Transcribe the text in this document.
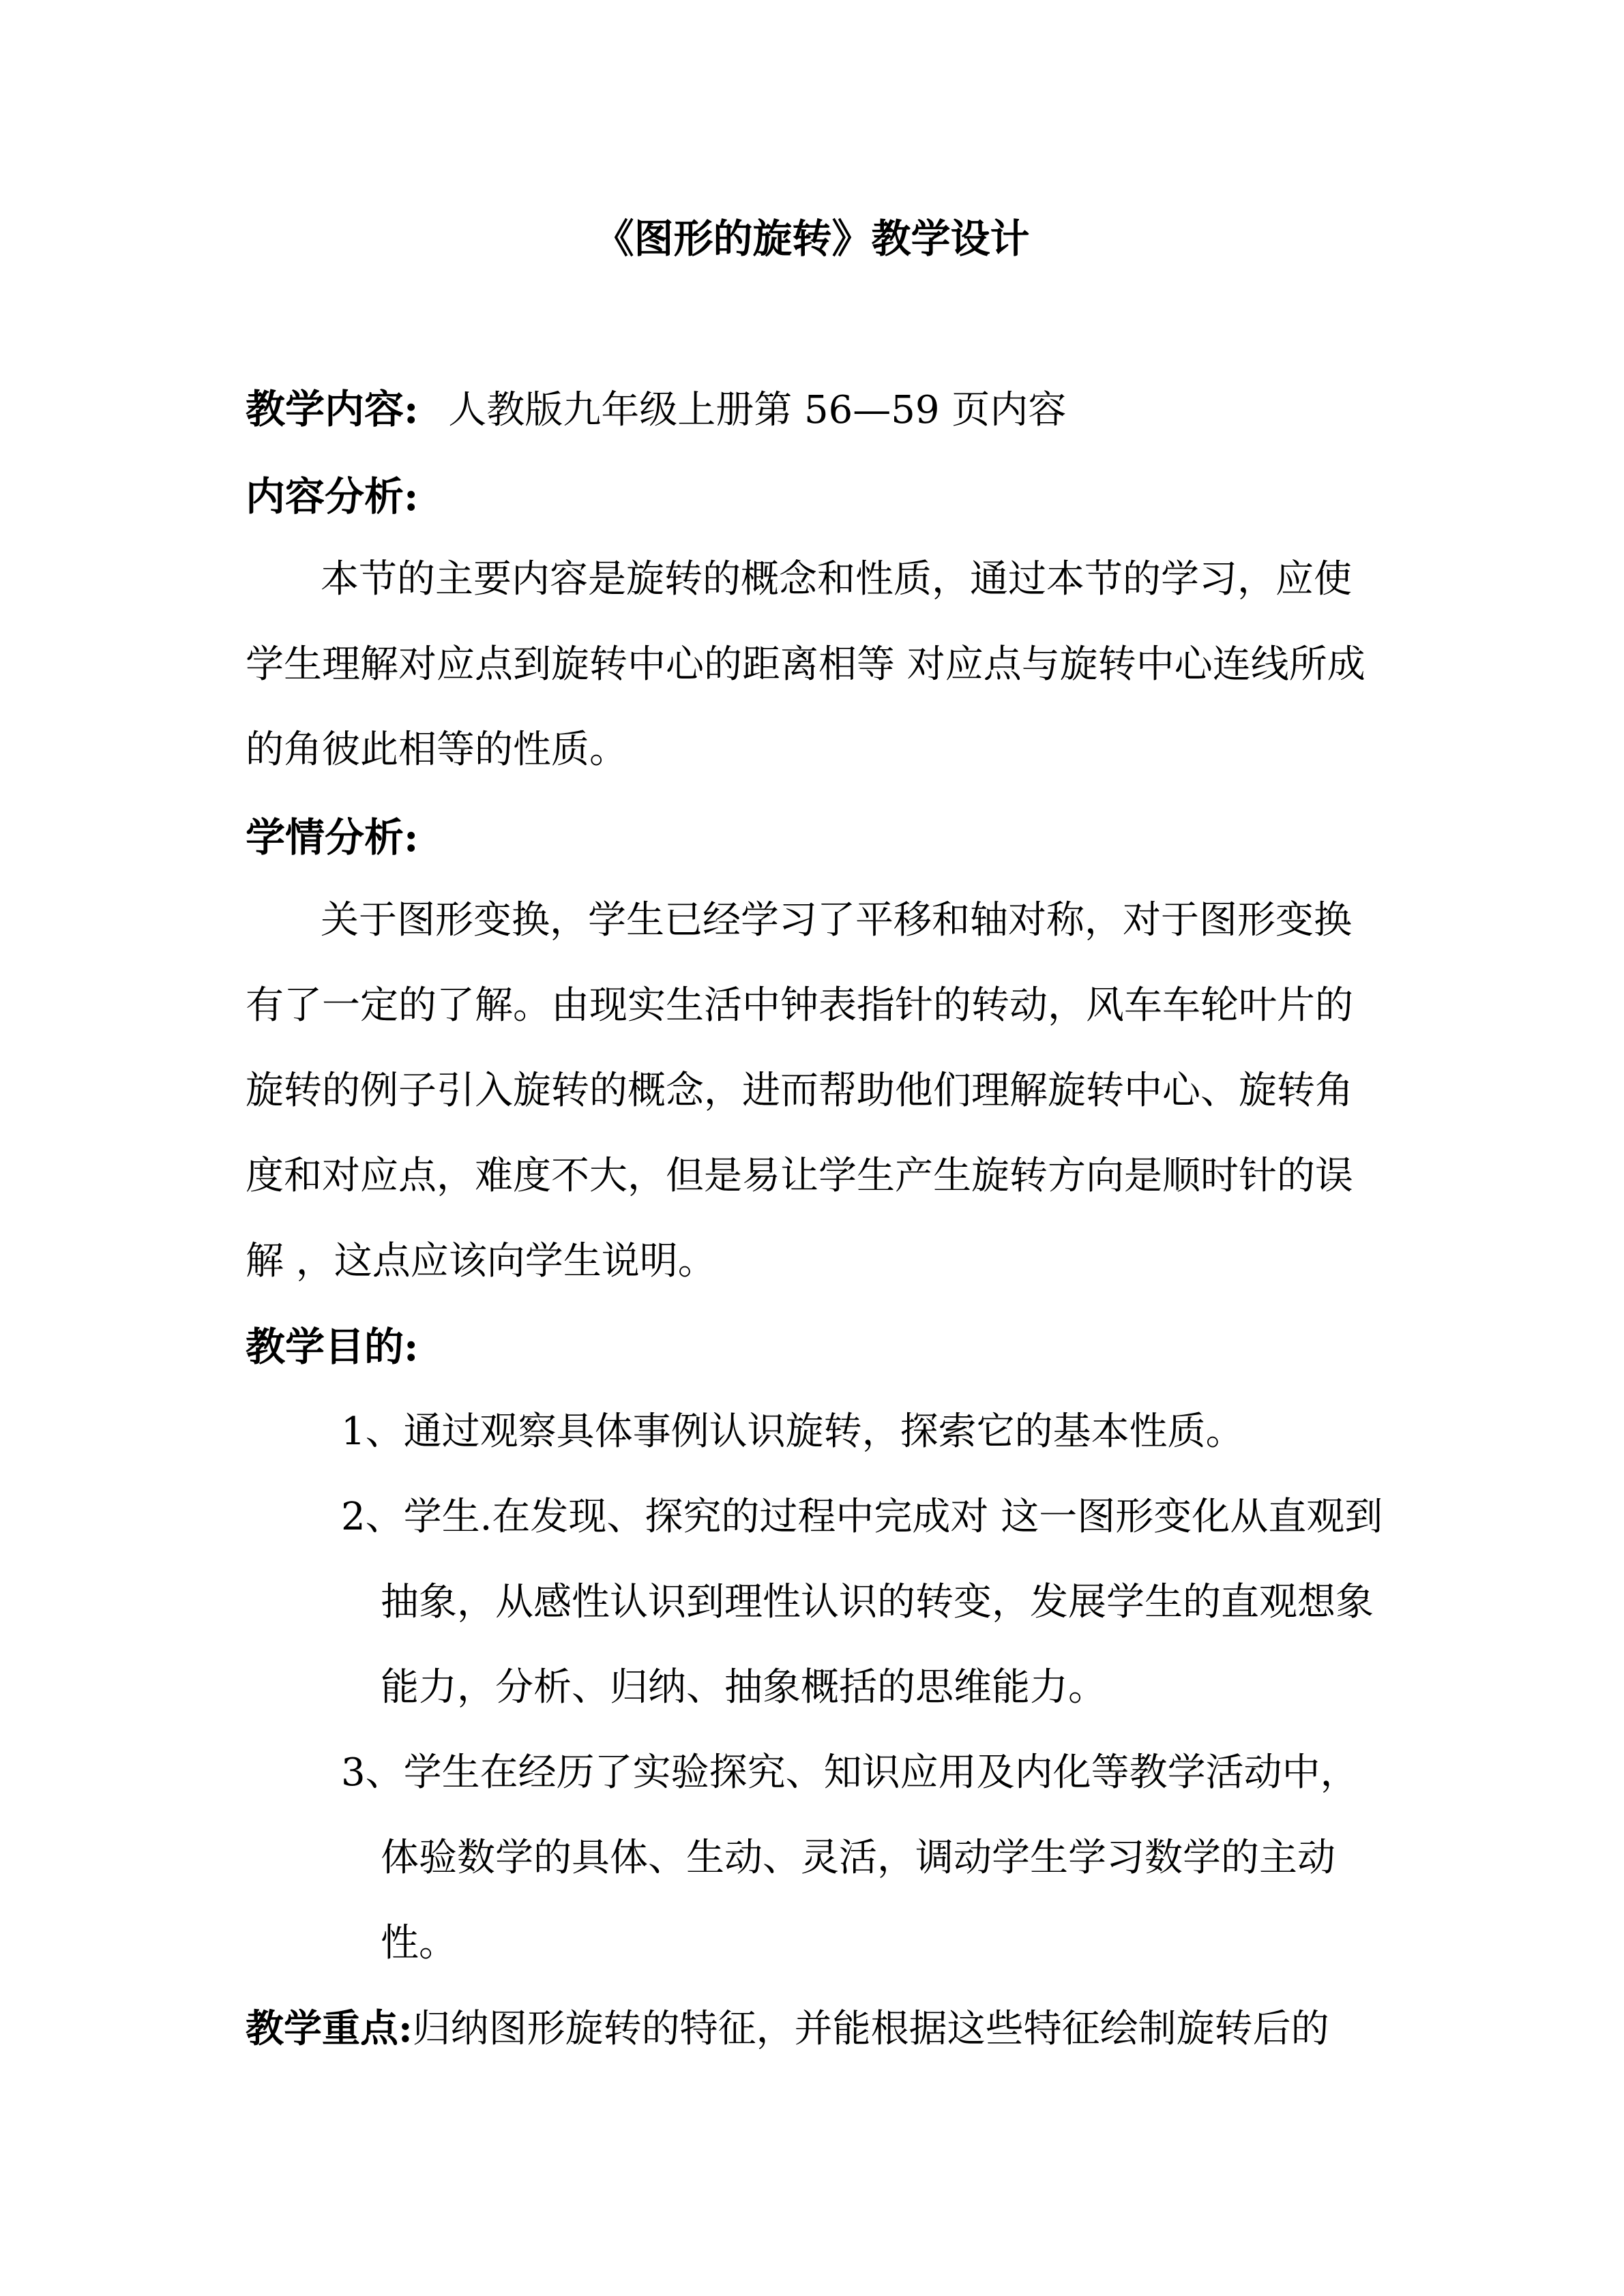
《图形的旋转》教学设计
教学内容: 人教版九年级上册第 56—59 页内容
内容分析:
本节的主要内容是旋转的概念和性质，通过本节的学习，应使
学生理解对应点到旋转中心的距离相等 对应点与旋转中心连线所成
的角彼此相等的性质。
学情分析:
关于图形变换，学生已经学习了平移和轴对称，对于图形变换
有了一定的了解。由现实生活中钟表指针的转动，风车车轮叶片的
旋转的例子引入旋转的概念，进而帮助他们理解旋转中心、旋转角
度和对应点，难度不大，但是易让学生产生旋转方向是顺时针的误
解 ，这点应该向学生说明。
教学目的:
1、通过观察具体事例认识旋转，探索它的基本性质。
2、学生.在发现、探究的过程中完成对 这一图形变化从直观到
抽象，从感性认识到理性认识的转变，发展学生的直观想象
能力，分析、归纳、抽象概括的思维能力。
3、学生在经历了实验探究、知识应用及内化等教学活动中，
体验数学的具体、生动、灵活，调动学生学习数学的主动
性。
教学重点:归纳图形旋转的特征，并能根据这些特征绘制旋转后的
